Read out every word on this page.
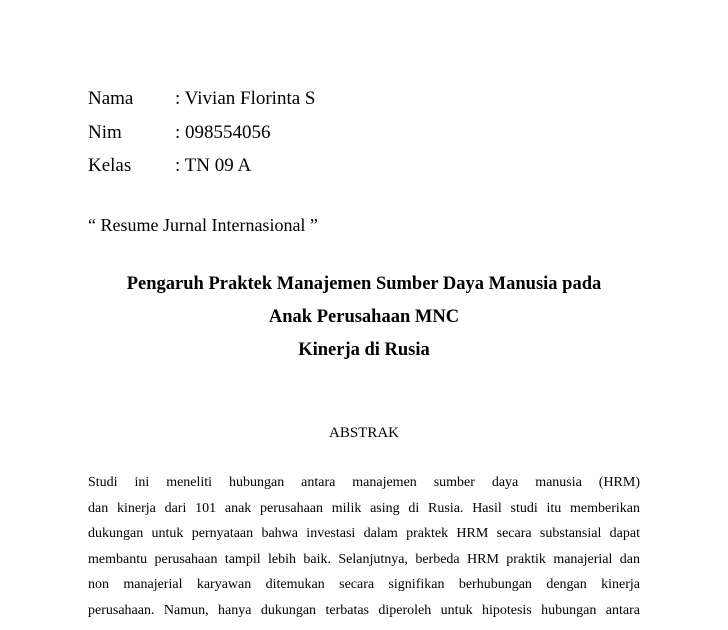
Nama : Vivian Florinta S
Nim	: 098554056
Kelas : TN 09 A
“ Resume Jurnal Internasional ”
Pengaruh Praktek Manajemen Sumber Daya Manusia pada
Anak Perusahaan MNC
Kinerja di Rusia
ABSTRAK
Studi ini meneliti hubungan antara manajemen sumber daya manusia (HRM)
dan kinerja dari 101 anak perusahaan milik asing di Rusia. Hasil studi itu memberikan
dukungan untuk pernyataan bahwa investasi dalam praktek HRM secara substansial dapat
membantu perusahaan tampil lebih baik. Selanjutnya, berbeda HRM praktik manajerial dan
non manajerial karyawan ditemukan secara signifikan berhubungan dengan kinerja
perusahaan. Namun, hanya dukungan terbatas diperoleh untuk hipotesis hubungan antara
